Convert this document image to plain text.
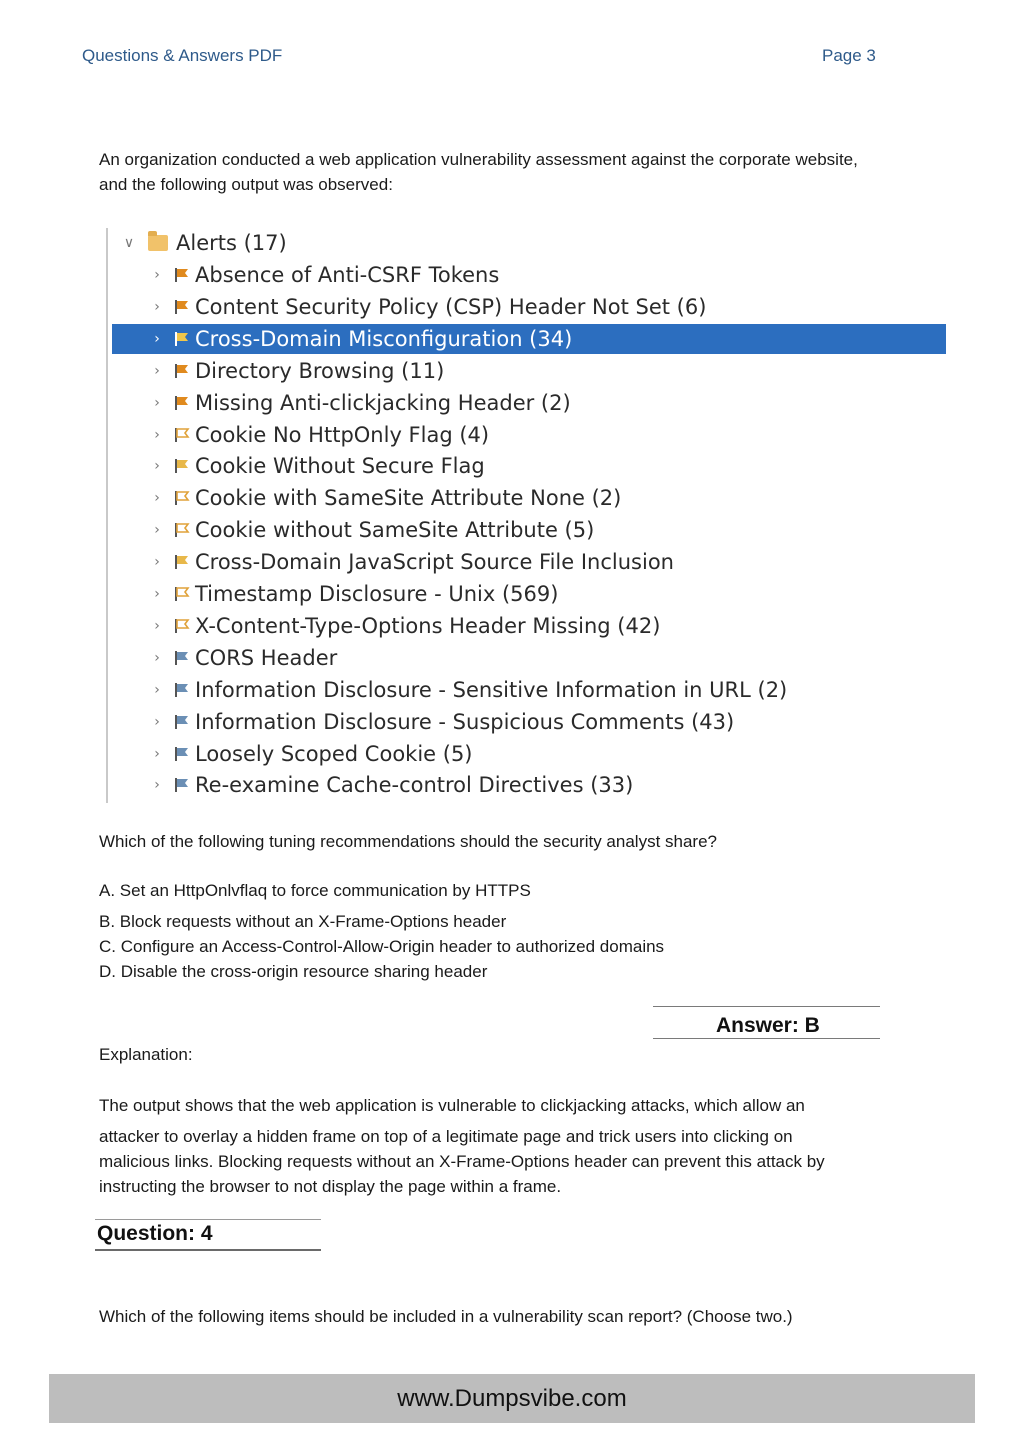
Questions & Answers PDF	Page 3
An organization conducted a web application vulnerability assessment against the corporate website,
and the following output was observed:
∨ Alerts (17)
›	Absence of Anti-CSRF Tokens
›	Content Security Policy (CSP) Header Not Set (6)
›	Cross-Domain Misconfiguration (34)
›	Directory Browsing (11)
›	Missing Anti-clickjacking Header (2)
›	Cookie No HttpOnly Flag (4)
›	Cookie Without Secure Flag
›	Cookie with SameSite Attribute None (2)
›	Cookie without SameSite Attribute (5)
›	Cross-Domain JavaScript Source File Inclusion
›	Timestamp Disclosure - Unix (569)
›	X-Content-Type-Options Header Missing (42)
›	CORS Header
›	Information Disclosure - Sensitive Information in URL (2)
›	Information Disclosure - Suspicious Comments (43)
›	Loosely Scoped Cookie (5)
›	Re-examine Cache-control Directives (33)
Which of the following tuning recommendations should the security analyst share?
A. Set an HttpOnlvflaq to force communication by HTTPS
B. Block requests without an X-Frame-Options header
C. Configure an Access-Control-Allow-Origin header to authorized domains
D. Disable the cross-origin resource sharing header
Answer: B
Explanation:
The output shows that the web application is vulnerable to clickjacking attacks, which allow an
attacker to overlay a hidden frame on top of a legitimate page and trick users into clicking on
malicious links. Blocking requests without an X-Frame-Options header can prevent this attack by
instructing the browser to not display the page within a frame.
Question: 4
Which of the following items should be included in a vulnerability scan report? (Choose two.)
www.Dumpsvibe.com
